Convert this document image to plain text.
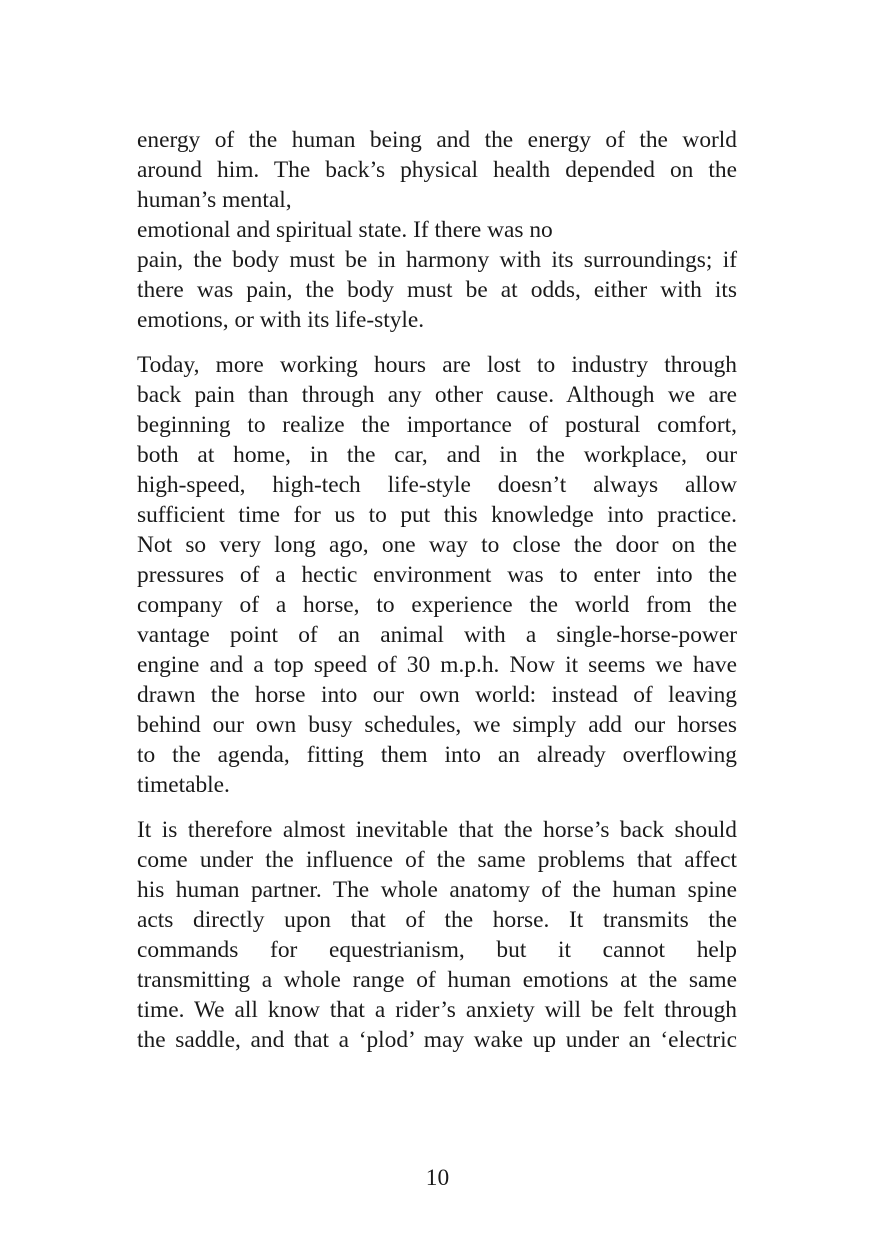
energy of the human being and the energy of the world
around him. The back’s physical health depended on the
human’s mental,
emotional and spiritual state. If there was no
pain, the body must be in harmony with its surroundings; if
there was pain, the body must be at odds, either with its
emotions, or with its life-style.
Today, more working hours are lost to industry through
back pain than through any other cause. Although we are
beginning to realize the importance of postural comfort,
both at home, in the car, and in the workplace, our
high-speed, high-tech life-style doesn’t always allow
sufficient time for us to put this knowledge into practice.
Not so very long ago, one way to close the door on the
pressures of a hectic environment was to enter into the
company of a horse, to experience the world from the
vantage point of an animal with a single-horse-power
engine and a top speed of 30 m.p.h. Now it seems we have
drawn the horse into our own world: instead of leaving
behind our own busy schedules, we simply add our horses
to the agenda, fitting them into an already overflowing
timetable.
It is therefore almost inevitable that the horse’s back should
come under the influence of the same problems that affect
his human partner. The whole anatomy of the human spine
acts directly upon that of the horse. It transmits the
commands for equestrianism, but it cannot help
transmitting a whole range of human emotions at the same
time. We all know that a rider’s anxiety will be felt through
the saddle, and that a ‘plod’ may wake up under an ‘electric
10
